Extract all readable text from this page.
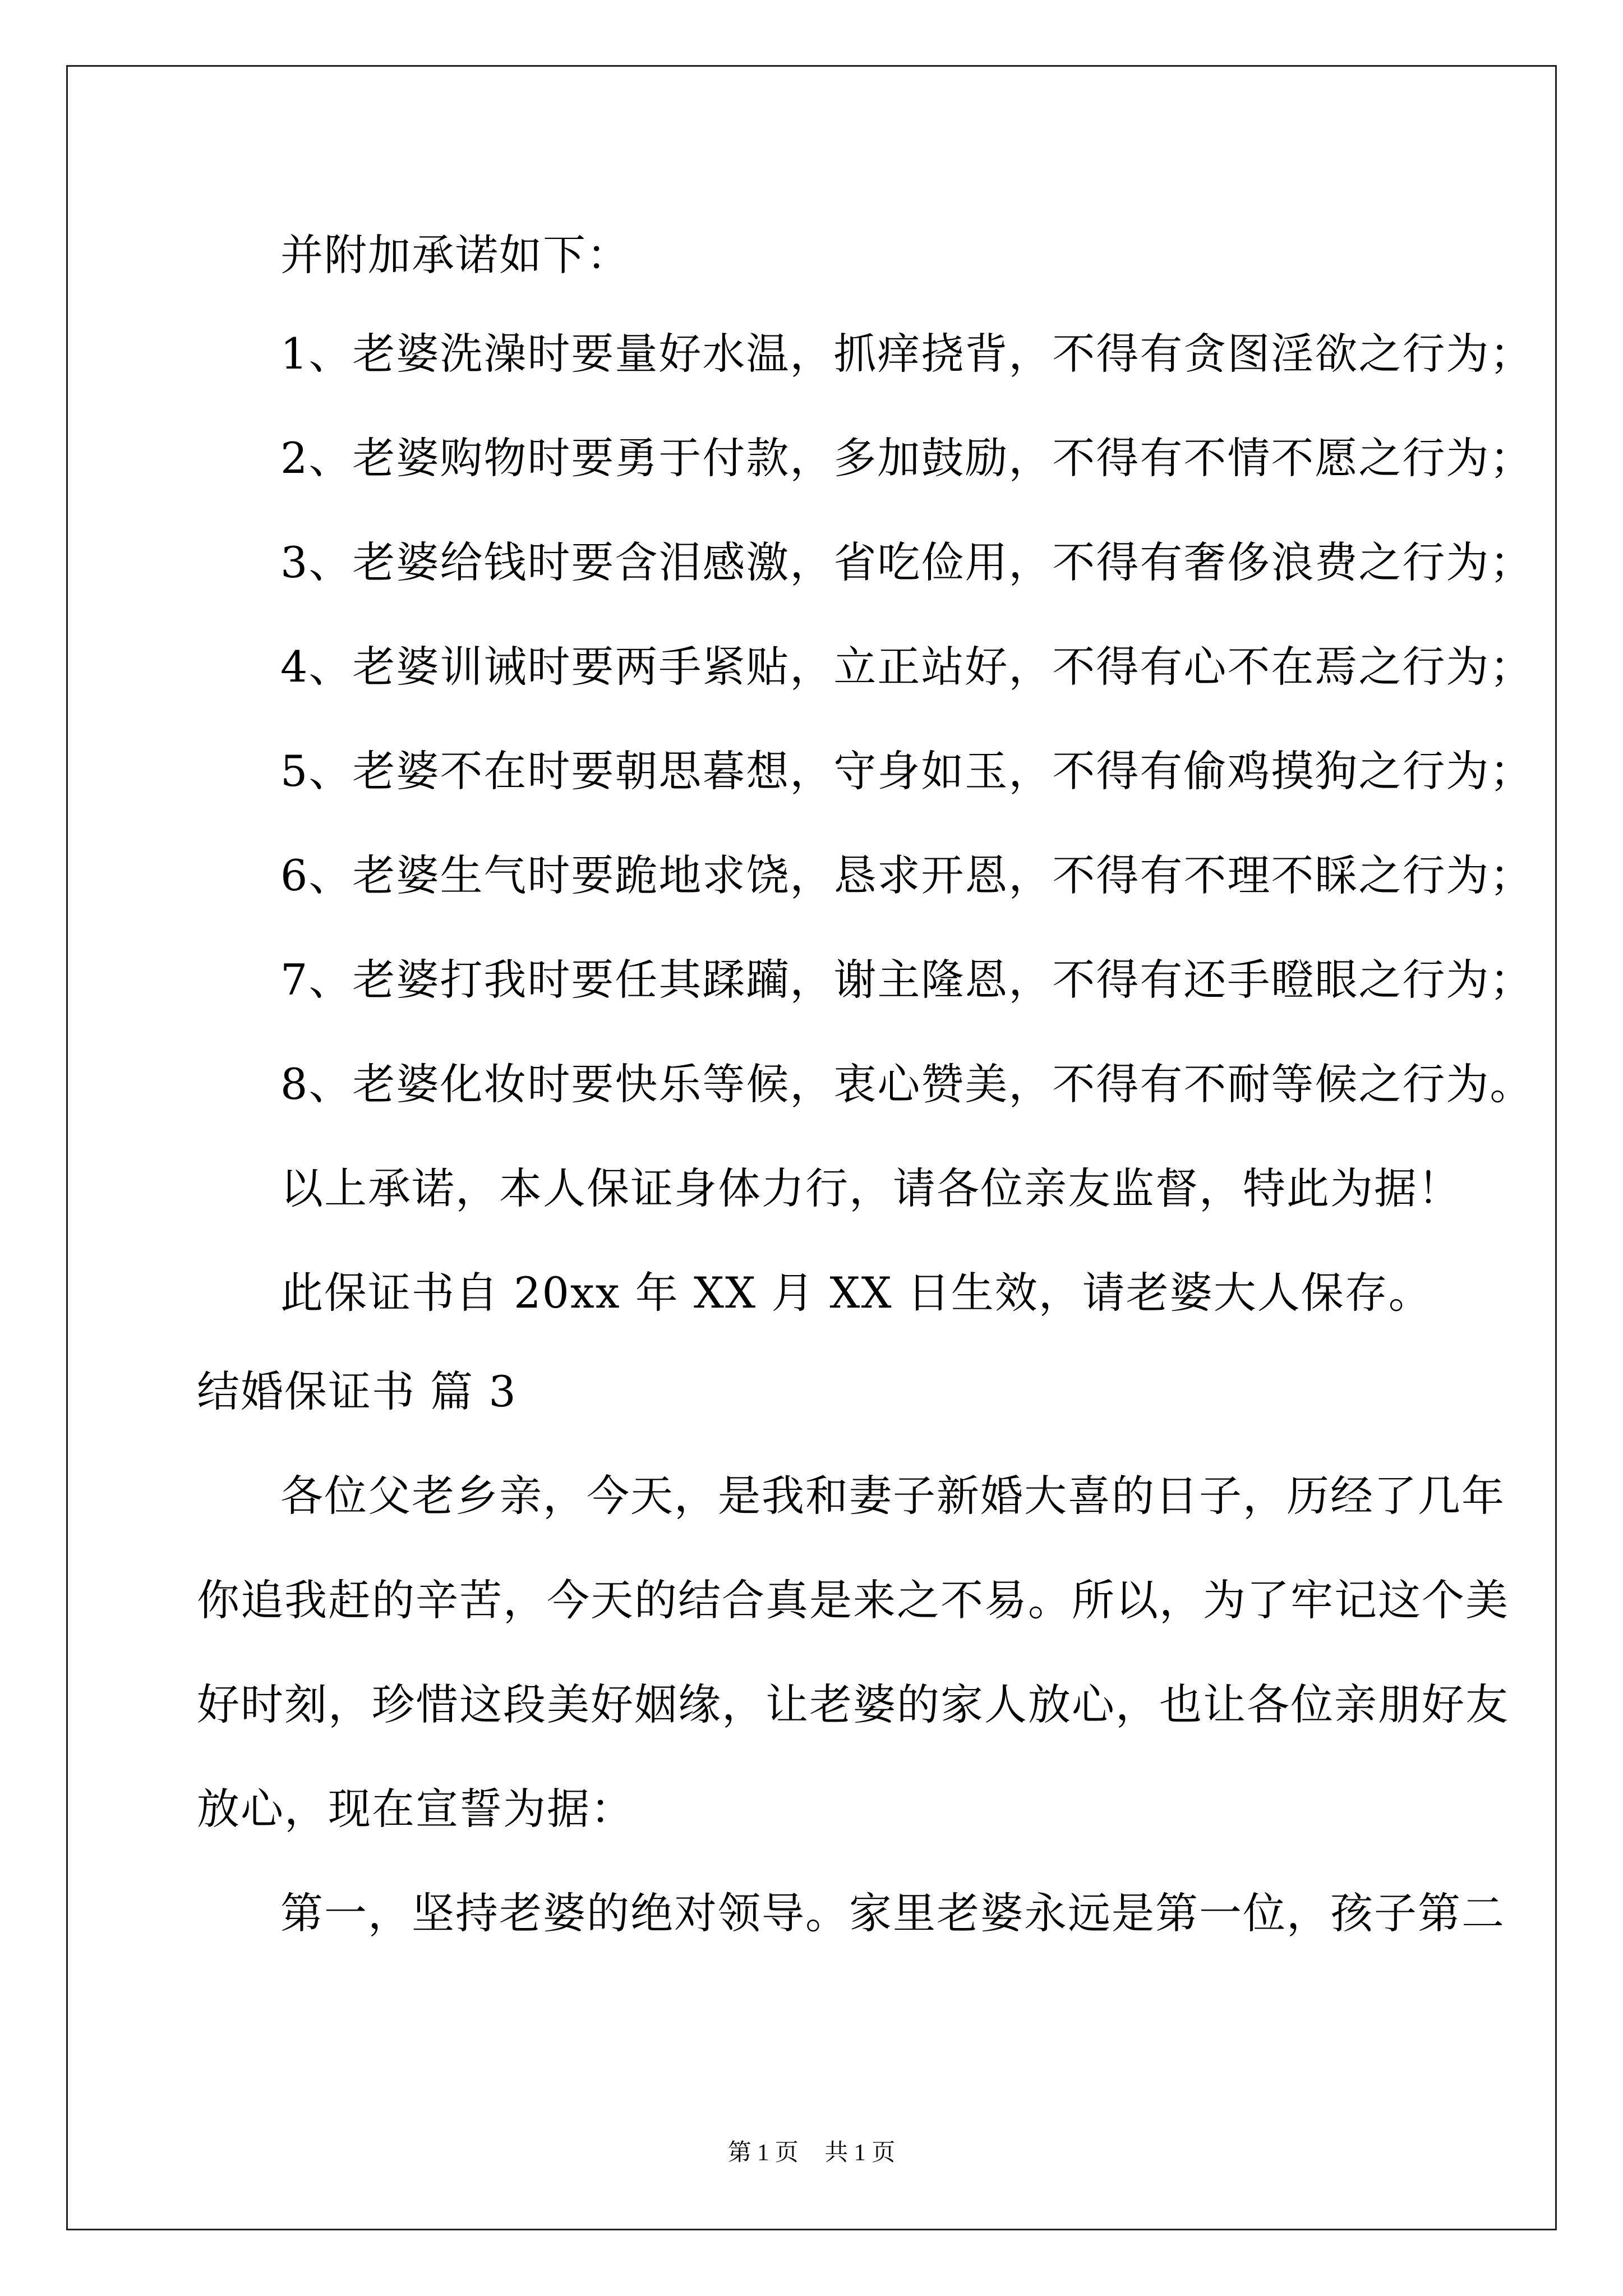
并附加承诺如下：
1、老婆洗澡时要量好水温，抓痒挠背，不得有贪图淫欲之行为；
2、老婆购物时要勇于付款，多加鼓励，不得有不情不愿之行为；
3、老婆给钱时要含泪感激，省吃俭用，不得有奢侈浪费之行为；
4、老婆训诫时要两手紧贴，立正站好，不得有心不在焉之行为；
5、老婆不在时要朝思暮想，守身如玉，不得有偷鸡摸狗之行为；
6、老婆生气时要跪地求饶，恳求开恩，不得有不理不睬之行为；
7、老婆打我时要任其蹂躏，谢主隆恩，不得有还手瞪眼之行为；
8、老婆化妆时要快乐等候，衷心赞美，不得有不耐等候之行为。
以上承诺，本人保证身体力行，请各位亲友监督，特此为据！
此保证书自 20xx 年 XX 月 XX 日生效，请老婆大人保存。
结婚保证书 篇 3
各位父老乡亲，今天，是我和妻子新婚大喜的日子，历经了几年
你追我赶的辛苦，今天的结合真是来之不易。所以，为了牢记这个美
好时刻，珍惜这段美好姻缘，让老婆的家人放心，也让各位亲朋好友
放心，现在宣誓为据：
第一，坚持老婆的绝对领导。家里老婆永远是第一位，孩子第二
第 1 页 共 1 页
